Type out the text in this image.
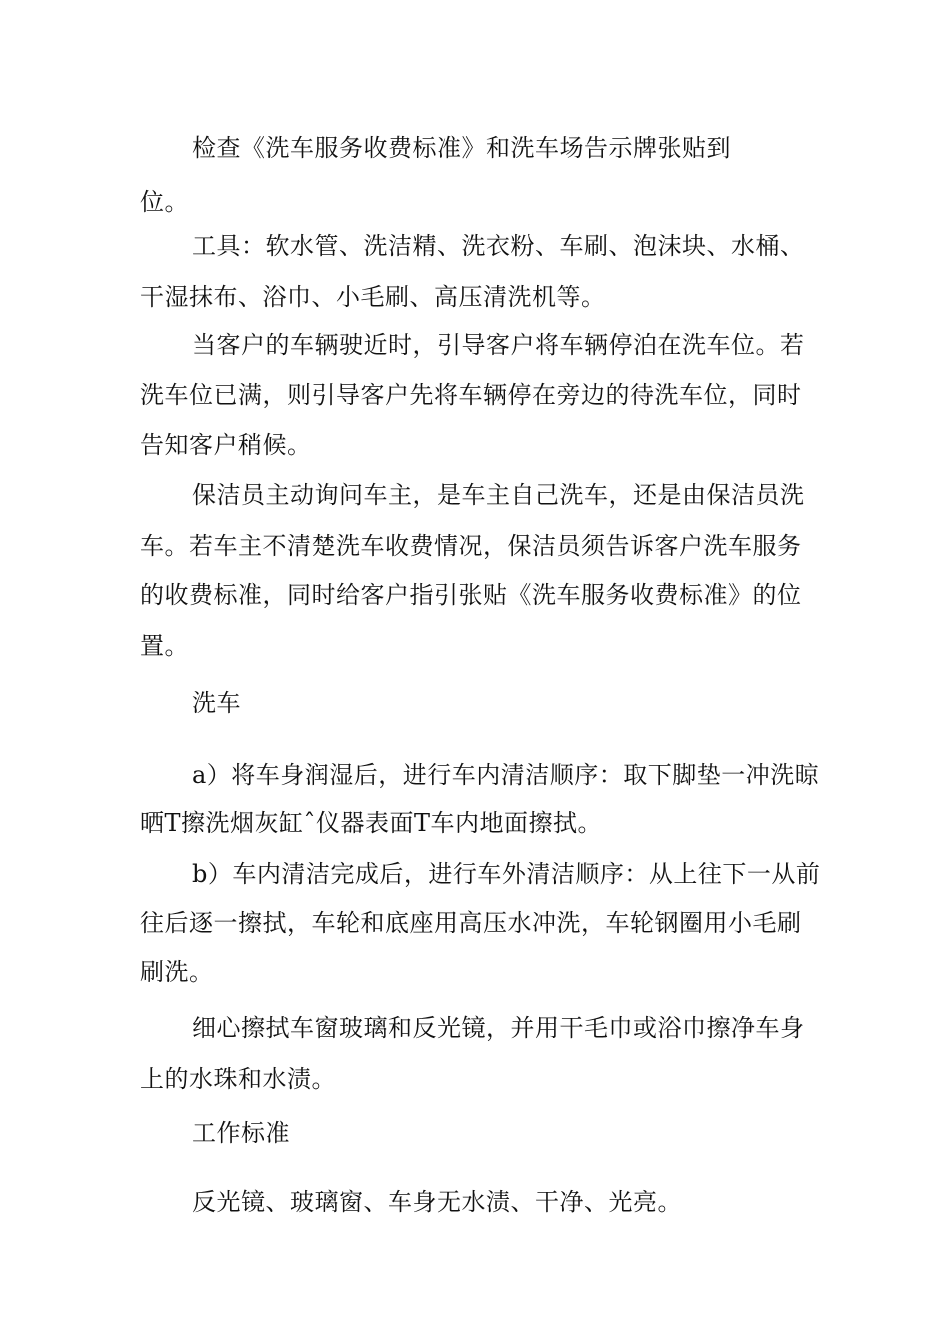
检查《洗车服务收费标准》和洗车场告示牌张贴到
位。
工具：软水管、洗洁精、洗衣粉、车刷、泡沫块、水桶、
干湿抹布、浴巾、小毛刷、高压清洗机等。
当客户的车辆驶近时，引导客户将车辆停泊在洗车位。若
洗车位已满，则引导客户先将车辆停在旁边的待洗车位，同时
告知客户稍候。
保洁员主动询问车主，是车主自己洗车，还是由保洁员洗
车。若车主不清楚洗车收费情况，保洁员须告诉客户洗车服务
的收费标准，同时给客户指引张贴《洗车服务收费标准》的位
置。
洗车
a）将车身润湿后，进行车内清洁顺序：取下脚垫一冲洗晾
晒T擦洗烟灰缸ˆ仪器表面T车内地面擦拭。
b）车内清洁完成后，进行车外清洁顺序：从上往下一从前
往后逐一擦拭，车轮和底座用高压水冲洗，车轮钢圈用小毛刷
刷洗。
细心擦拭车窗玻璃和反光镜，并用干毛巾或浴巾擦净车身
上的水珠和水渍。
工作标准
反光镜、玻璃窗、车身无水渍、干净、光亮。
